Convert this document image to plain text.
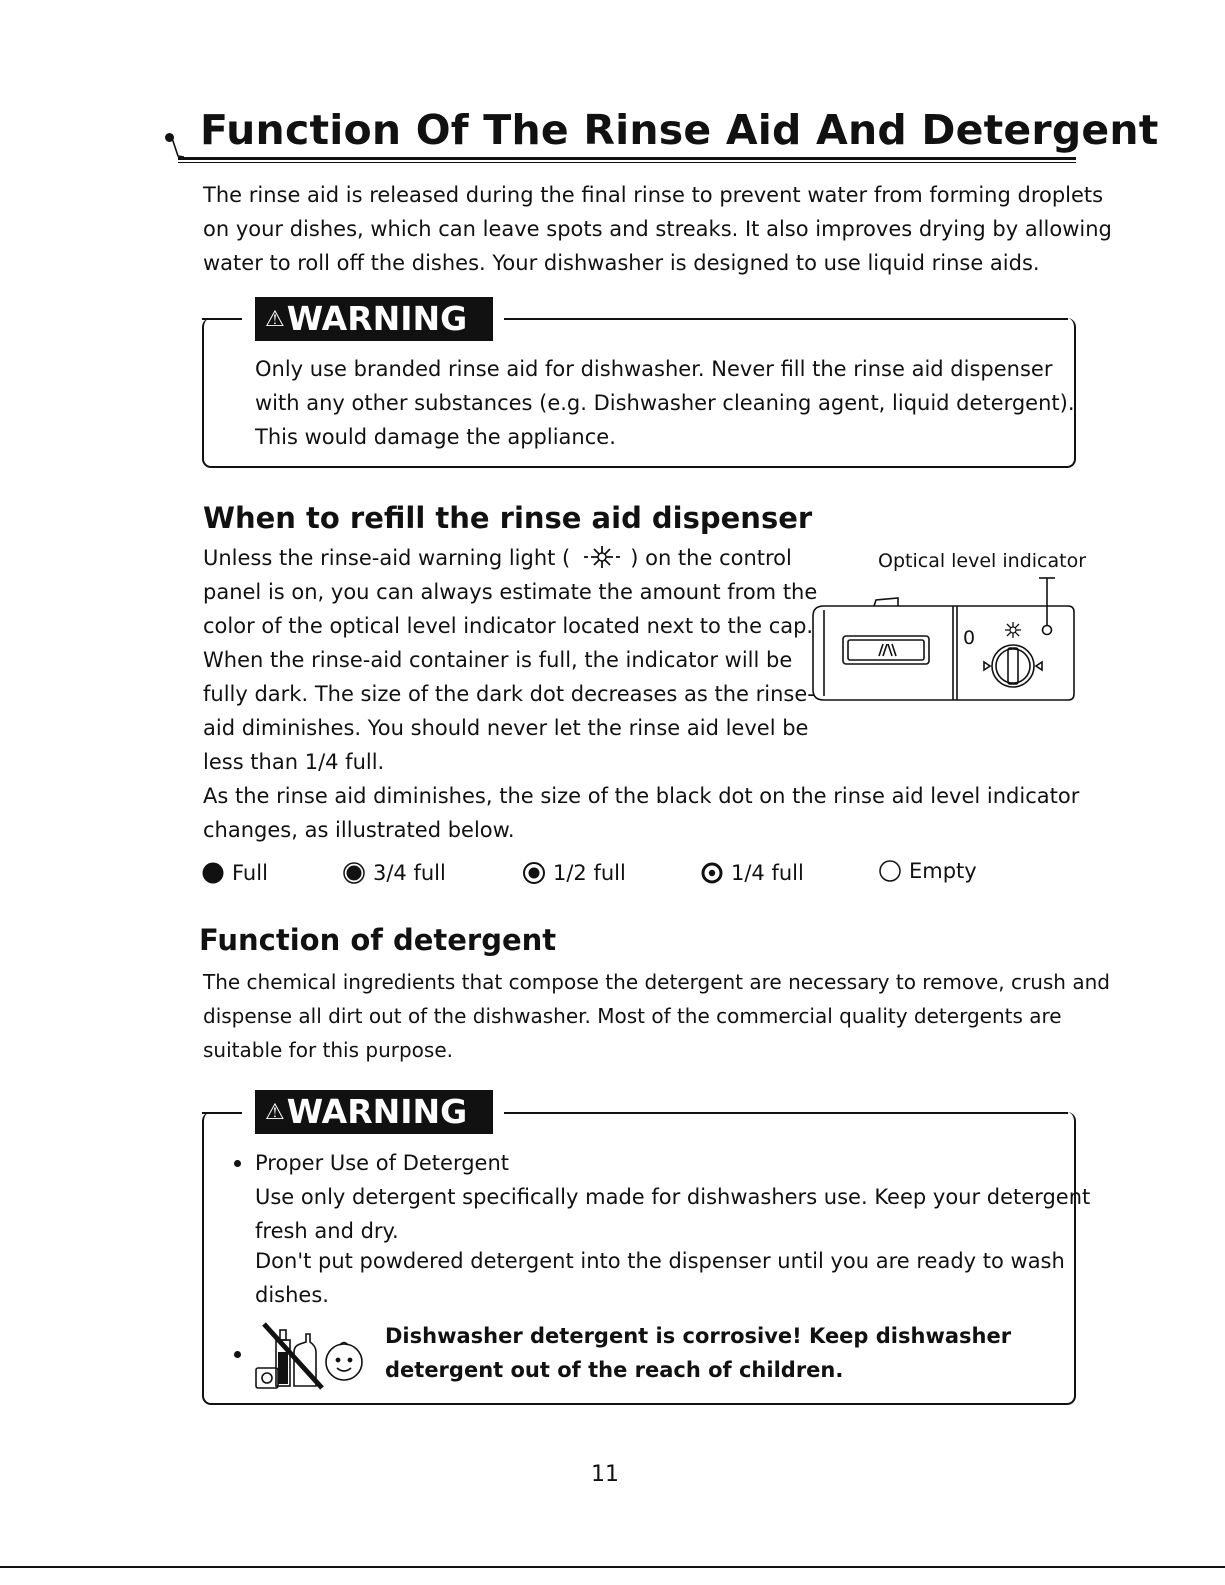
Function Of The Rinse Aid And Detergent
The rinse aid is released during the final rinse to prevent water from forming droplets
on your dishes, which can leave spots and streaks. It also improves drying by allowing
water to roll off the dishes. Your dishwasher is designed to use liquid rinse aids.
⚠WARNING
Only use branded rinse aid for dishwasher. Never fill the rinse aid dispenser
with any other substances (e.g. Dishwasher cleaning agent, liquid detergent).
This would damage the appliance.
When to refill the rinse aid dispenser
Unless the rinse-aid warning light (	) on the control
panel is on, you can always estimate the amount from the
color of the optical level indicator located next to the cap.
When the rinse-aid container is full, the indicator will be
fully dark. The size of the dark dot decreases as the rinse-
aid diminishes. You should never let the rinse aid level be
less than 1/4 full.
Optical level indicator
0
As the rinse aid diminishes, the size of the black dot on the rinse aid level indicator
changes, as illustrated below.
Full	3/4 full	1/2 full	1/4 full	Empty
Function of detergent
The chemical ingredients that compose the detergent are necessary to remove, crush and
dispense all dirt out of the dishwasher. Most of the commercial quality detergents are
suitable for this purpose.
⚠WARNING
Proper Use of Detergent
Use only detergent specifically made for dishwashers use. Keep your detergent
fresh and dry.
Don't put powdered detergent into the dispenser until you are ready to wash
dishes.
Dishwasher detergent is corrosive! Keep dishwasher
detergent out of the reach of children.
11
